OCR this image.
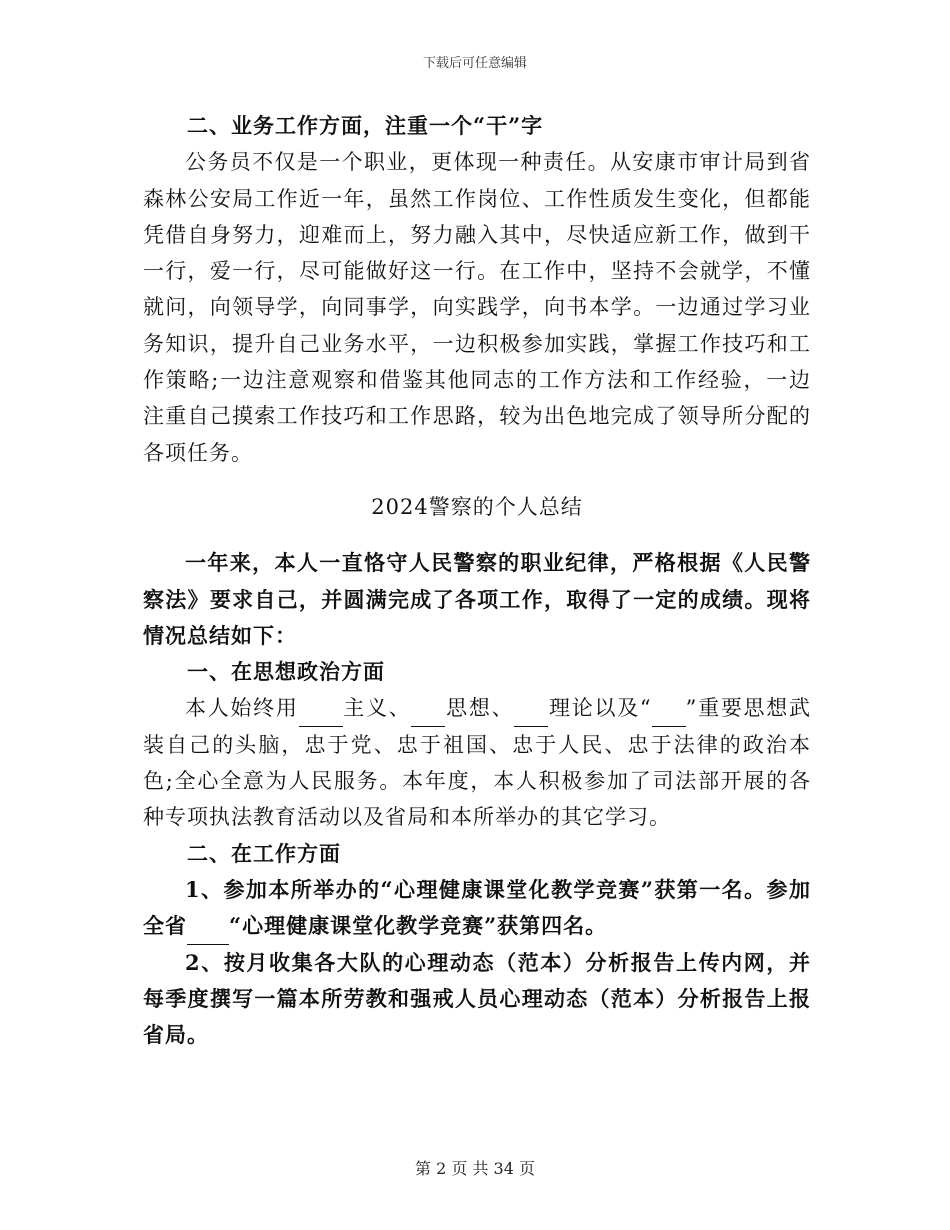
下载后可任意编辑

二、业务工作方面，注重一个“干”字

公务员不仅是一个职业，更体现一种责任。从安康市审计局到省森林公安局工作近一年，虽然工作岗位、工作性质发生变化，但都能凭借自身努力，迎难而上，努力融入其中，尽快适应新工作，做到干一行，爱一行，尽可能做好这一行。在工作中，坚持不会就学，不懂就问，向领导学，向同事学，向实践学，向书本学。一边通过学习业务知识，提升自己业务水平，一边积极参加实践，掌握工作技巧和工作策略;一边注意观察和借鉴其他同志的工作方法和工作经验，一边注重自己摸索工作技巧和工作思路，较为出色地完成了领导所分配的各项任务。

2024警察的个人总结

一年来，本人一直恪守人民警察的职业纪律，严格根据《人民警察法》要求自己，并圆满完成了各项工作，取得了一定的成绩。现将情况总结如下：

一、在思想政治方面

本人始终用 主义、 思想、 理论以及“ ”重要思想武装自己的头脑，忠于党、忠于祖国、忠于人民、忠于法律的政治本色;全心全意为人民服务。本年度，本人积极参加了司法部开展的各种专项执法教育活动以及省局和本所举办的其它学习。

二、在工作方面

1、参加本所举办的“心理健康课堂化教学竞赛”获第一名。参加全省 “心理健康课堂化教学竞赛”获第四名。

2、按月收集各大队的心理动态（范本）分析报告上传内网，并每季度撰写一篇本所劳教和强戒人员心理动态（范本）分析报告上报省局。

第 2 页 共 34 页
